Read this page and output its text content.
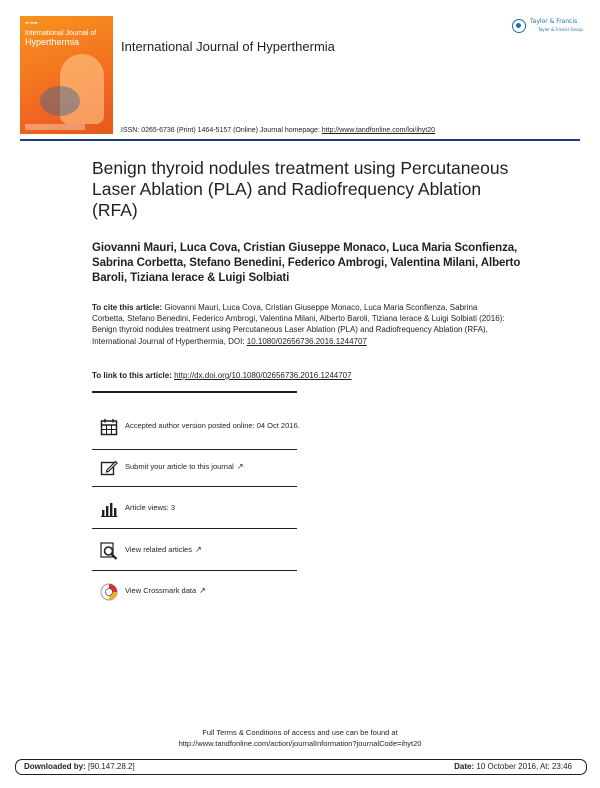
▬ ▬▬
International Journal of
Hyperthermia	International Journal of Hyperthermia
Taylor & Francis
Taylor & Francis Group
ISSN: 0265-6736 (Print) 1464-5157 (Online) Journal homepage: http://www.tandfonline.com/loi/ihyt20
Benign thyroid nodules treatment using Percutaneous Laser Ablation (PLA) and Radiofrequency Ablation (RFA)
Giovanni Mauri, Luca Cova, Cristian Giuseppe Monaco, Luca Maria Sconfienza, Sabrina Corbetta, Stefano Benedini, Federico Ambrogi, Valentina Milani, Alberto Baroli, Tiziana Ierace & Luigi Solbiati
To cite this article: Giovanni Mauri, Luca Cova, Cristian Giuseppe Monaco, Luca Maria Sconfienza, Sabrina Corbetta, Stefano Benedini, Federico Ambrogi, Valentina Milani, Alberto Baroli, Tiziana Ierace & Luigi Solbiati (2016): Benign thyroid nodules treatment using Percutaneous Laser Ablation (PLA) and Radiofrequency Ablation (RFA), International Journal of Hyperthermia, DOI: 10.1080/02656736.2016.1244707
To link to this article: http://dx.doi.org/10.1080/02656736.2016.1244707
Accepted author version posted online: 04 Oct 2016.
Submit your article to this journal ↗
Article views: 3
View related articles ↗
View Crossmark data ↗
Full Terms & Conditions of access and use can be found at
http://www.tandfonline.com/action/journalInformation?journalCode=ihyt20
Downloaded by: [90.147.28.2]	Date: 10 October 2016, At: 23:46
